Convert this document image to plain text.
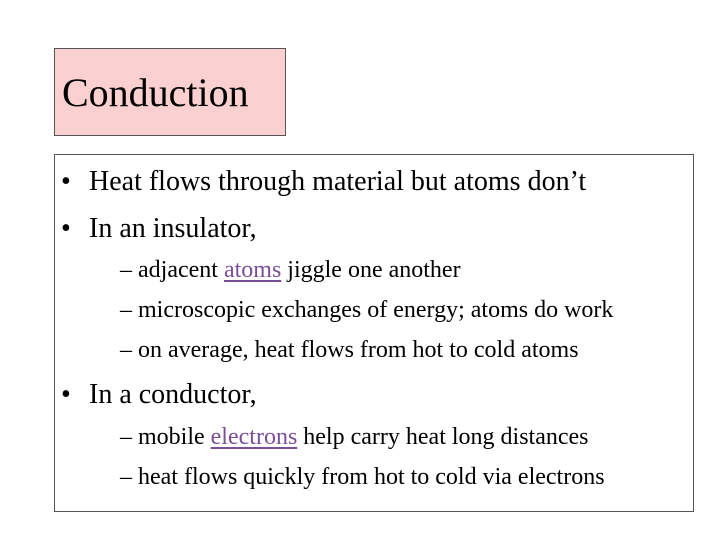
Conduction
• Heat flows through material but atoms don’t
• In an insulator,
– adjacent atoms jiggle one another
– microscopic exchanges of energy; atoms do work
– on average, heat flows from hot to cold atoms
• In a conductor,
– mobile electrons help carry heat long distances
– heat flows quickly from hot to cold via electrons
